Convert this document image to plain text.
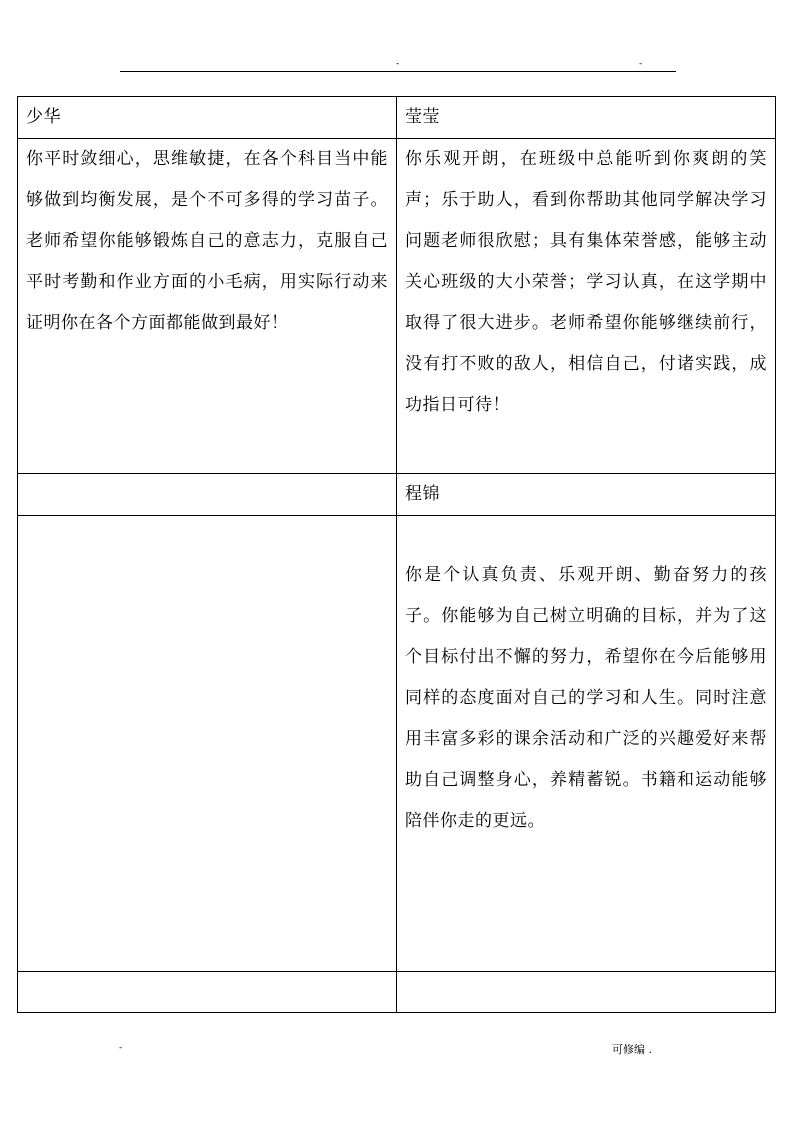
-	-
少华	莹莹

你平时敛细心，思维敏捷，在各个科目当中能够做到均衡发展，是个不可多得的学习苗子。老师希望你能够锻炼自己的意志力，克服自己平时考勤和作业方面的小毛病，用实际行动来证明你在各个方面都能做到最好！	你乐观开朗，在班级中总能听到你爽朗的笑声；乐于助人，看到你帮助其他同学解决学习问题老师很欣慰；具有集体荣誉感，能够主动关心班级的大小荣誉；学习认真，在这学期中取得了很大进步。老师希望你能够继续前行，没有打不败的敌人，相信自己，付诸实践，成功指日可待！

	程锦

	你是个认真负责、乐观开朗、勤奋努力的孩子。你能够为自己树立明确的目标，并为了这个目标付出不懈的努力，希望你在今后能够用同样的态度面对自己的学习和人生。同时注意用丰富多彩的课余活动和广泛的兴趣爱好来帮助自己调整身心，养精蓄锐。书籍和运动能够陪伴你走的更远。

-	可修编 .
